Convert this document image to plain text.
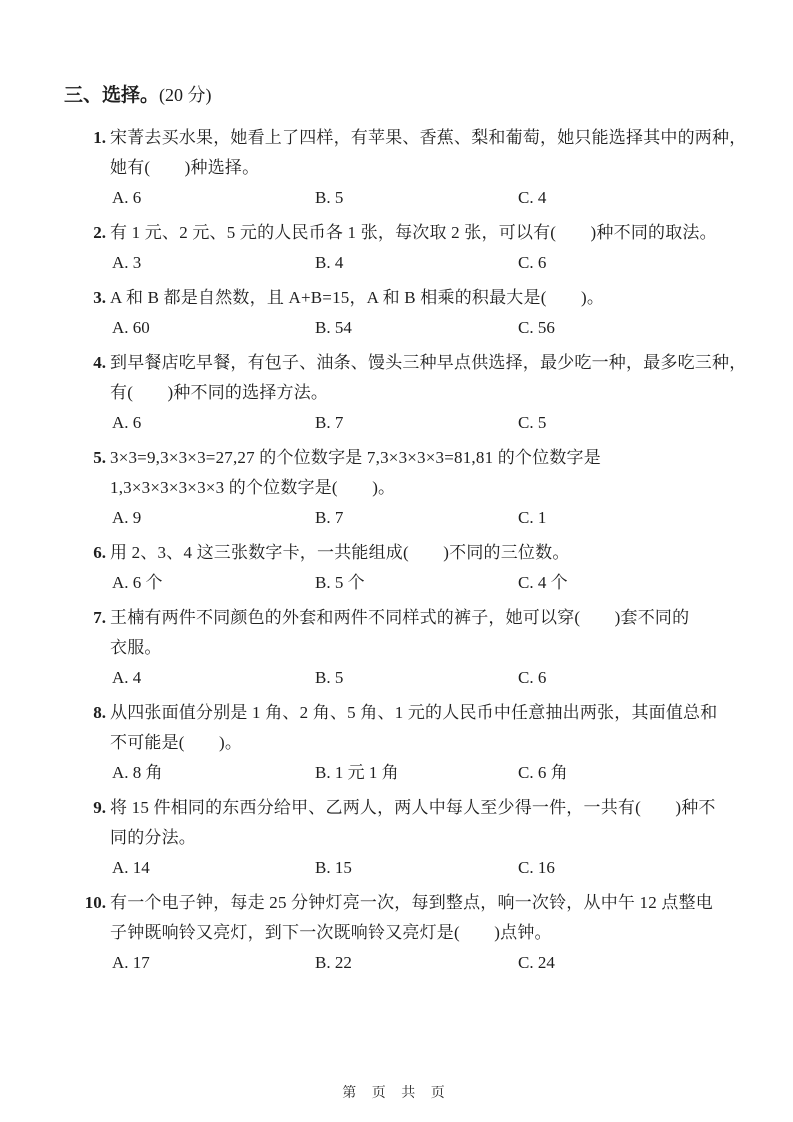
三、选择。(20 分)
1. 宋菁去买水果，她看上了四样，有苹果、香蕉、梨和葡萄，她只能选择其中的两种，
她有(　　)种选择。
A. 6	B. 5	C. 4
2. 有 1 元、2 元、5 元的人民币各 1 张，每次取 2 张，可以有(　　)种不同的取法。
A. 3	B. 4	C. 6
3. A 和 B 都是自然数，且 A+B=15，A 和 B 相乘的积最大是(　　)。
A. 60	B. 54	C. 56
4. 到早餐店吃早餐，有包子、油条、馒头三种早点供选择，最少吃一种，最多吃三种，
有(　　)种不同的选择方法。
A. 6	B. 7	C. 5
5. 3×3=9,3×3×3=27,27 的个位数字是 7,3×3×3×3=81,81 的个位数字是
1,3×3×3×3×3×3 的个位数字是(　　)。
A. 9	B. 7	C. 1
6. 用 2、3、4 这三张数字卡，一共能组成(　　)不同的三位数。
A. 6 个	B. 5 个	C. 4 个
7. 王楠有两件不同颜色的外套和两件不同样式的裤子，她可以穿(　　)套不同的
衣服。
A. 4	B. 5	C. 6
8. 从四张面值分别是 1 角、2 角、5 角、1 元的人民币中任意抽出两张，其面值总和
不可能是(　　)。
A. 8 角	B. 1 元 1 角	C. 6 角
9. 将 15 件相同的东西分给甲、乙两人，两人中每人至少得一件，一共有(　　)种不
同的分法。
A. 14	B. 15	C. 16
10. 有一个电子钟，每走 25 分钟灯亮一次，每到整点，响一次铃，从中午 12 点整电
子钟既响铃又亮灯，到下一次既响铃又亮灯是(　　)点钟。
A. 17	B. 22	C. 24
第 页 共 页
